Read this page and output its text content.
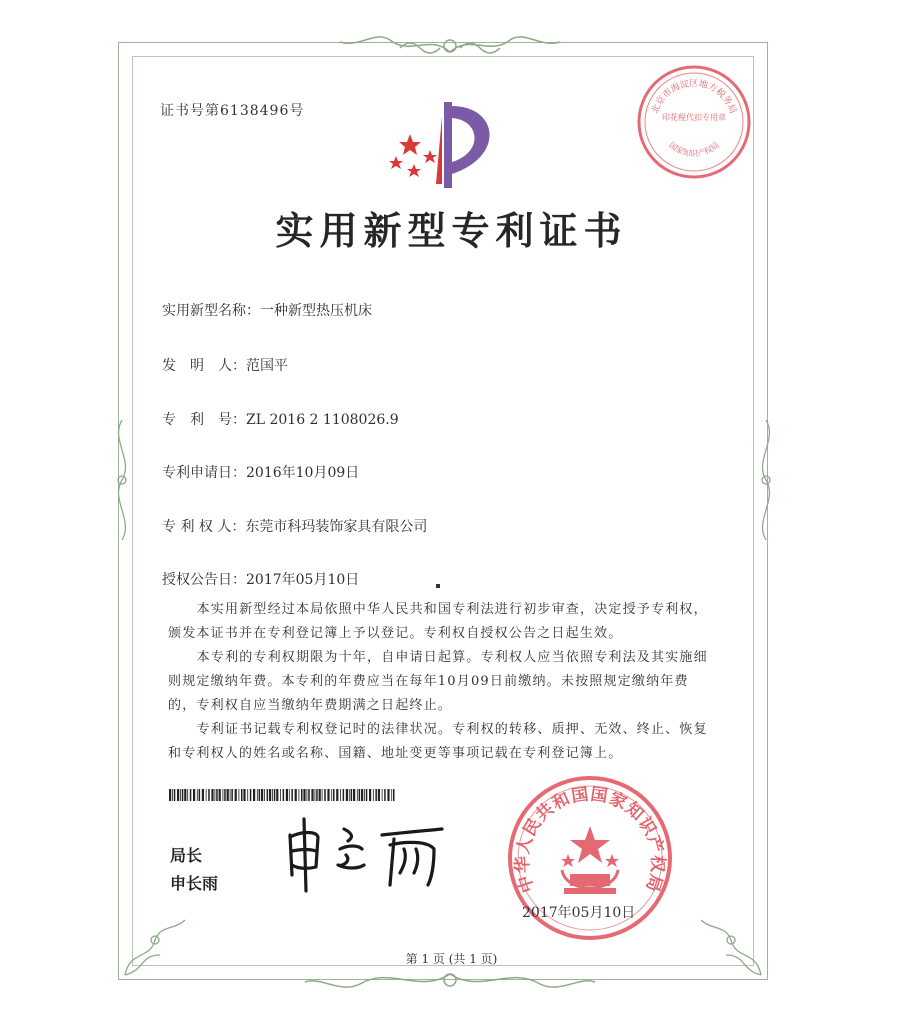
证书号第6138496号	北京市海淀区地方税务局
印花税代扣专用章
国家知识产权局
实用新型专利证书
实用新型名称：一种新型热压机床
发　明　人：范国平
专　利　号：ZL 2016 2 1108026.9
专利申请日：2016年10月09日
专 利 权 人：东莞市科玛装饰家具有限公司
授权公告日：2017年05月10日

本实用新型经过本局依照中华人民共和国专利法进行初步审查，决定授予专利权，颁发本证书并在专利登记簿上予以登记。专利权自授权公告之日起生效。

本专利的专利权期限为十年，自申请日起算。专利权人应当依照专利法及其实施细则规定缴纳年费。本专利的年费应当在每年10月09日前缴纳。未按照规定缴纳年费的，专利权自应当缴纳年费期满之日起终止。

专利证书记载专利权登记时的法律状况。专利权的转移、质押、无效、终止、恢复和专利权人的姓名或名称、国籍、地址变更等事项记载在专利登记簿上。

局长
申长雨	中华人民共和国国家知识产权局
2017年05月10日
第 1 页 (共 1 页)
